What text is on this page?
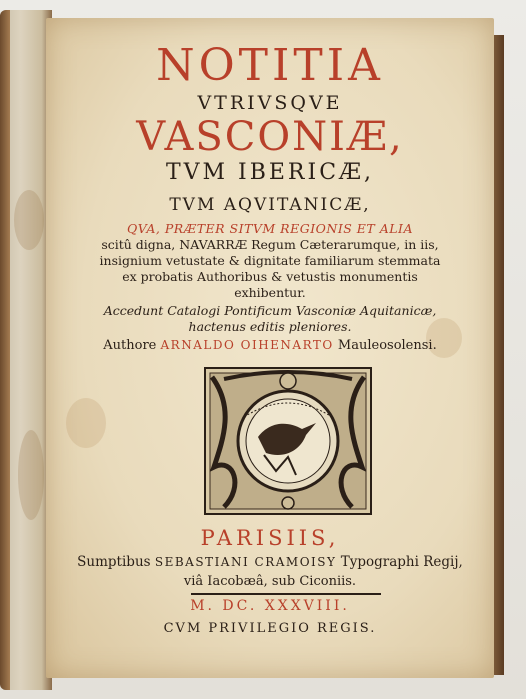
NOTITIA
VTRIVSQVE
VASCONIÆ,
TVM IBERICÆ,
TVM AQVITANICÆ,
QVA, PRÆTER SITVM REGIONIS ET ALIA
scitû digna, NAVARRÆ Regum Cæterarumque, in iis,
insignium vetustate & dignitate familiarum stemmata
ex probatis Authoribus & vetustis monumentis
exhibentur.
Accedunt Catalogi Pontificum Vasconiæ Aquitanicæ,
hactenus editis pleniores.
Authore ARNALDO OIHENARTO Mauleosolensi.
PARISIIS,
Sumptibus SEBASTIANI CRAMOISY Typographi Regij,
viâ Iacobæâ, sub Ciconiis.
M. DC. XXXVIII.
CVM PRIVILEGIO REGIS.
